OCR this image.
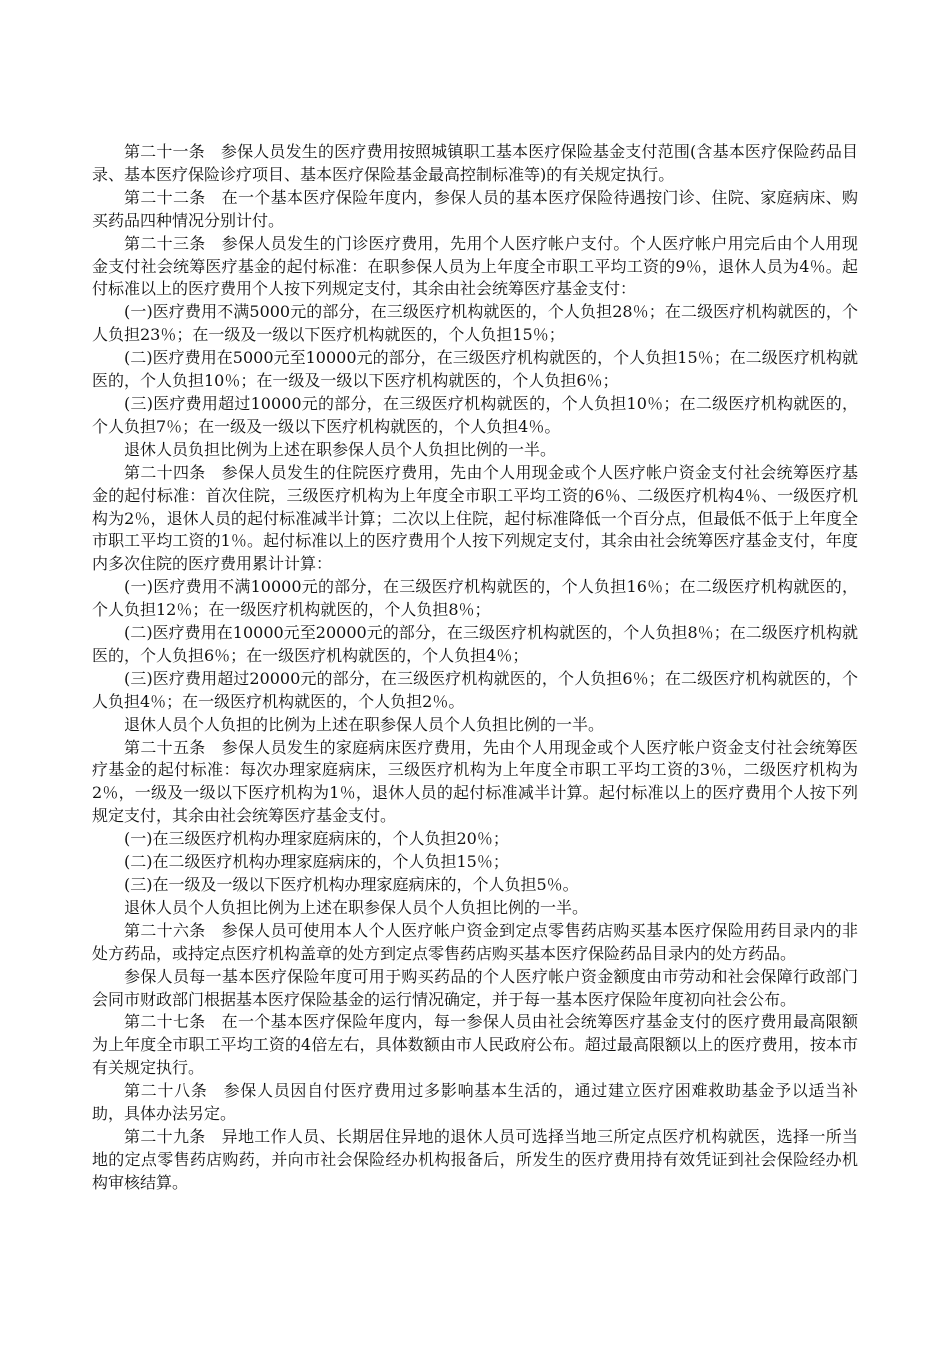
第二十一条 参保人员发生的医疗费用按照城镇职工基本医疗保险基金支付范围(含基本医疗保险药品目录、基本医疗保险诊疗项目、基本医疗保险基金最高控制标准等)的有关规定执行。

第二十二条 在一个基本医疗保险年度内，参保人员的基本医疗保险待遇按门诊、住院、家庭病床、购买药品四种情况分别计付。

第二十三条 参保人员发生的门诊医疗费用，先用个人医疗帐户支付。个人医疗帐户用完后由个人用现金支付社会统筹医疗基金的起付标准：在职参保人员为上年度全市职工平均工资的9％，退休人员为4％。起付标准以上的医疗费用个人按下列规定支付，其余由社会统筹医疗基金支付：

(一)医疗费用不满5000元的部分，在三级医疗机构就医的，个人负担28％；在二级医疗机构就医的，个人负担23％；在一级及一级以下医疗机构就医的，个人负担15％；

(二)医疗费用在5000元至10000元的部分，在三级医疗机构就医的，个人负担15％；在二级医疗机构就医的，个人负担10％；在一级及一级以下医疗机构就医的，个人负担6％；

(三)医疗费用超过10000元的部分，在三级医疗机构就医的，个人负担10％；在二级医疗机构就医的，个人负担7％；在一级及一级以下医疗机构就医的，个人负担4％。

退休人员负担比例为上述在职参保人员个人负担比例的一半。

第二十四条 参保人员发生的住院医疗费用，先由个人用现金或个人医疗帐户资金支付社会统筹医疗基金的起付标准：首次住院，三级医疗机构为上年度全市职工平均工资的6％、二级医疗机构4％、一级医疗机构为2％，退休人员的起付标准减半计算；二次以上住院，起付标准降低一个百分点，但最低不低于上年度全市职工平均工资的1％。起付标准以上的医疗费用个人按下列规定支付，其余由社会统筹医疗基金支付，年度内多次住院的医疗费用累计计算：

(一)医疗费用不满10000元的部分，在三级医疗机构就医的，个人负担16％；在二级医疗机构就医的，个人负担12％；在一级医疗机构就医的，个人负担8％；

(二)医疗费用在10000元至20000元的部分，在三级医疗机构就医的，个人负担8％；在二级医疗机构就医的，个人负担6％；在一级医疗机构就医的，个人负担4％；

(三)医疗费用超过20000元的部分，在三级医疗机构就医的，个人负担6％；在二级医疗机构就医的，个人负担4％；在一级医疗机构就医的，个人负担2％。

退休人员个人负担的比例为上述在职参保人员个人负担比例的一半。

第二十五条 参保人员发生的家庭病床医疗费用，先由个人用现金或个人医疗帐户资金支付社会统筹医疗基金的起付标准：每次办理家庭病床，三级医疗机构为上年度全市职工平均工资的3％，二级医疗机构为2％，一级及一级以下医疗机构为1％，退休人员的起付标准减半计算。起付标准以上的医疗费用个人按下列规定支付，其余由社会统筹医疗基金支付。

(一)在三级医疗机构办理家庭病床的，个人负担20％；

(二)在二级医疗机构办理家庭病床的，个人负担15％；

(三)在一级及一级以下医疗机构办理家庭病床的，个人负担5％。

退休人员个人负担比例为上述在职参保人员个人负担比例的一半。

第二十六条 参保人员可使用本人个人医疗帐户资金到定点零售药店购买基本医疗保险用药目录内的非处方药品，或持定点医疗机构盖章的处方到定点零售药店购买基本医疗保险药品目录内的处方药品。

参保人员每一基本医疗保险年度可用于购买药品的个人医疗帐户资金额度由市劳动和社会保障行政部门会同市财政部门根据基本医疗保险基金的运行情况确定，并于每一基本医疗保险年度初向社会公布。

第二十七条 在一个基本医疗保险年度内，每一参保人员由社会统筹医疗基金支付的医疗费用最高限额为上年度全市职工平均工资的4倍左右，具体数额由市人民政府公布。超过最高限额以上的医疗费用，按本市有关规定执行。

第二十八条 参保人员因自付医疗费用过多影响基本生活的，通过建立医疗困难救助基金予以适当补助，具体办法另定。

第二十九条 异地工作人员、长期居住异地的退休人员可选择当地三所定点医疗机构就医，选择一所当地的定点零售药店购药，并向市社会保险经办机构报备后，所发生的医疗费用持有效凭证到社会保险经办机构审核结算。
